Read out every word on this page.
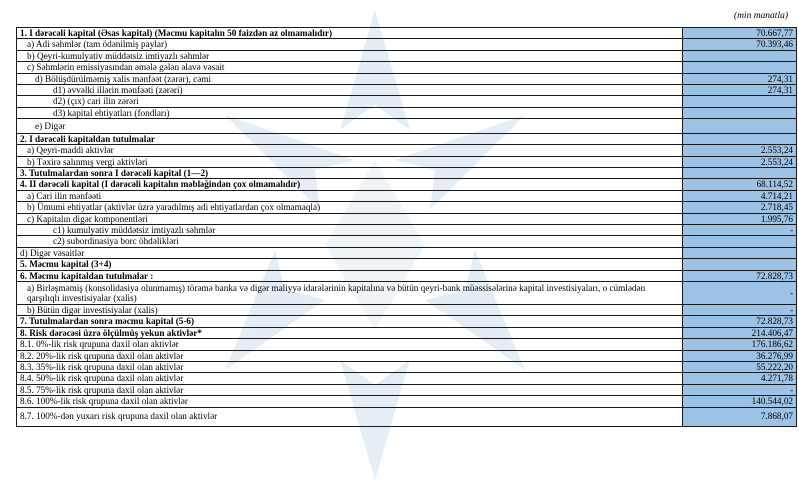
(min manatla)
1. I dərəcəli kapital (Əsas kapital) (Məcmu kapitalın 50 faizdən az olmamalıdır)	70.667,77
a) Adi səhmlər (tam ödənilmiş paylar)	70.393,46
b) Qeyri-kumulyativ müddətsiz imtiyazlı səhmlər	
c) Səhmlərin emissiyasından əmələ gələn əlavə vəsait	
d) Bölüşdürülməmiş xalis mənfəət (zərər), cəmi	274,31
d1) əvvəlki illərin mənfəəti (zərəri)	274,31
d2) (çıx) cari ilin zərəri	
d3) kapital ehtiyatları (fondları)	
e) Digər	
2. I dərəcəli kapitaldan tutulmalar	
a) Qeyri-maddi aktivlər	2.553,24
b) Təxirə salınmış vergi aktivləri	2.553,24
3. Tutulmalardan sonra I dərəcəli kapital (1—2)	
4. II dərəcəli kapital (I dərəcəli kapitalın məbləğindən çox olmamalıdır)	68.114,52
a) Cari ilin mənfəəti	4.714,21
b) Ümumi ehtiyatlar (aktivlər üzrə yaradılmış adi ehtiyatlardan çox olmamaqla)	2.718,45
c) Kapitalın digər komponentləri	1.995,76
c1) kumulyativ müddətsiz imtiyazlı səhmlər	-
c2) subordinasiya borc öhdəlikləri	
d) Digər vəsaitlər	
5. Məcmu kapital (3+4)	
6. Məcmu kapitaldan tutulmalar :	72.828,73
a) Birləşməmiş (konsolidasiya olunmamış) törəmə banka və digər maliyyə idarələrinin kapitalına və bütün qeyri-bank müəssisələrinə kapital investisiyaları, o cümlədən qarşılıqlı investisiyalar (xalis)	-
b) Bütün digər investisiyalar (xalis)	-
7. Tutulmalardan sonra məcmu kapital (5-6)	72.828,73
8. Risk dərəcəsi üzrə ölçülmüş yekun aktivlər*	214.406,47
8.1. 0%-lik risk qrupuna daxil olan aktivlər	176.186,62
8.2. 20%-lik risk qrupuna daxil olan aktivlər	36.276,99
8.3. 35%-lik risk qrupuna daxil olan aktivlər	55.222,20
8.4. 50%-lik risk qrupuna daxil olan aktivlər	4.271,78
8.5. 75%-lik risk qrupuna daxil olan aktivlər	-
8.6. 100%-lik risk qrupuna daxil olan aktivlər	140.544,02
8.7. 100%-dən yuxarı risk qrupuna daxil olan aktivlər	7.868,07
